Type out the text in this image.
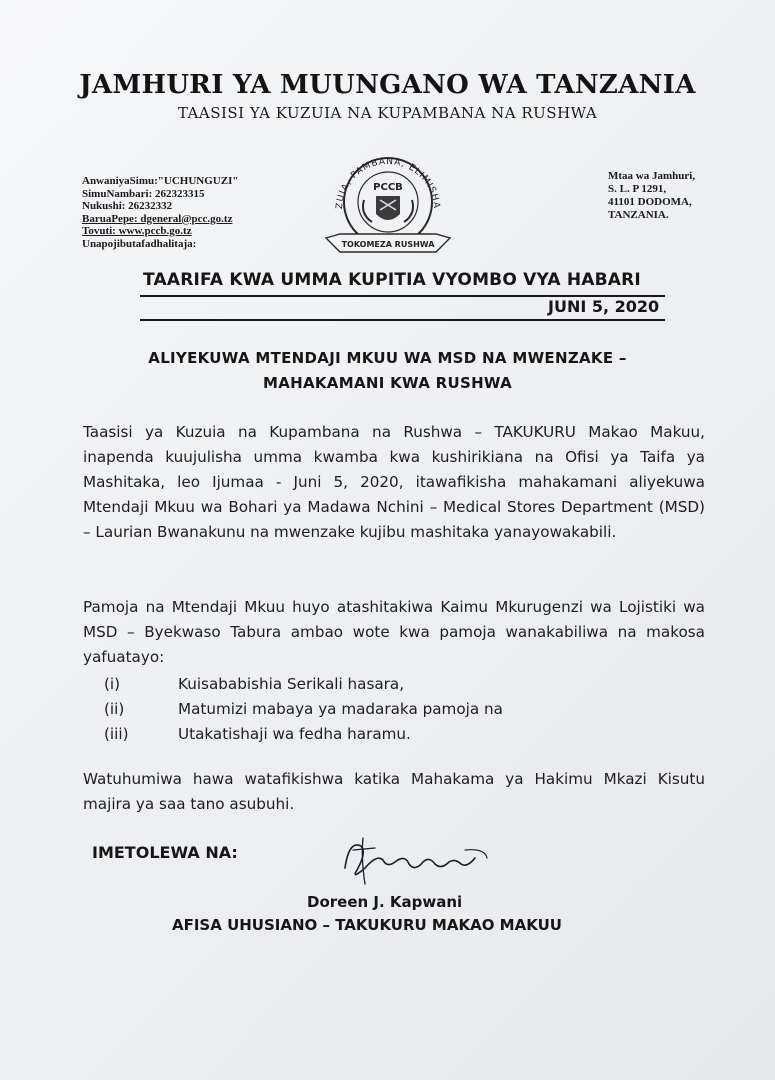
JAMHURI YA MUUNGANO WA TANZANIA
TAASISI YA KUZUIA NA KUPAMBANA NA RUSHWA
AnwaniyaSimu:"UCHUNGUZI"
SimuNambari: 262323315
Nukushi: 26232332
BaruaPepe: dgeneral@pcc.go.tz
Tovuti: www.pccb.go.tz
Unapojibutafadhalitaja:
ZUIA, PAMBANA, ELIMISHA
PCCB
TOKOMEZA RUSHWA
Mtaa wa Jamhuri,
S. L. P 1291,
41101 DODOMA,
TANZANIA.
TAARIFA KWA UMMA KUPITIA VYOMBO VYA HABARI
JUNI 5, 2020
ALIYEKUWA MTENDAJI MKUU WA MSD NA MWENZAKE –
MAHAKAMANI KWA RUSHWA
Taasisi ya Kuzuia na Kupambana na Rushwa – TAKUKURU Makao Makuu, inapenda kuujulisha umma kwamba kwa kushirikiana na Ofisi ya Taifa ya Mashitaka, leo Ijumaa - Juni 5, 2020, itawafikisha mahakamani aliyekuwa Mtendaji Mkuu wa Bohari ya Madawa Nchini – Medical Stores Department (MSD) – Laurian Bwanakunu na mwenzake kujibu mashitaka yanayowakabili.
Pamoja na Mtendaji Mkuu huyo atashitakiwa Kaimu Mkurugenzi wa Lojistiki wa MSD – Byekwaso Tabura ambao wote kwa pamoja wanakabiliwa na makosa yafuatayo:
(i)	Kuisababishia Serikali hasara,
(ii)	Matumizi mabaya ya madaraka pamoja na
(iii)	Utakatishaji wa fedha haramu.
Watuhumiwa hawa watafikishwa katika Mahakama ya Hakimu Mkazi Kisutu majira ya saa tano asubuhi.
IMETOLEWA NA:
Doreen J. Kapwani
AFISA UHUSIANO – TAKUKURU MAKAO MAKUU
